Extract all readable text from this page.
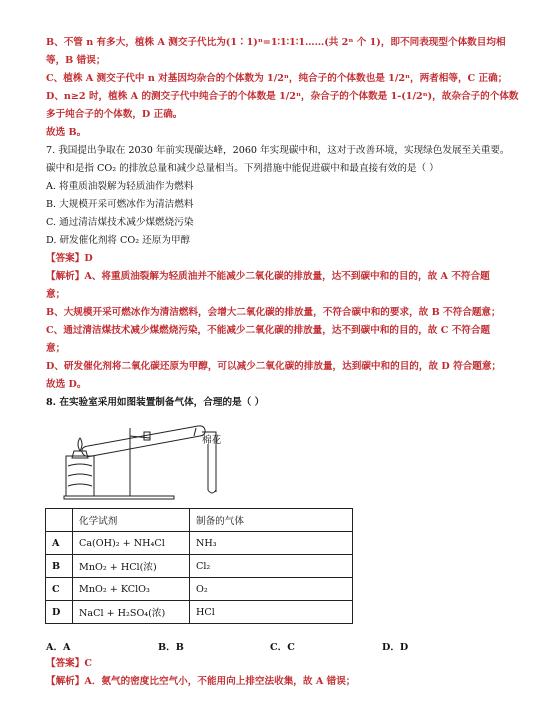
B、不管 n 有多大，植株 A 测交子代比为(1∶1)ⁿ=1∶1∶1∶1……(共 2ⁿ 个 1)，即不同表现型个体数目均相
等，B 错误；
C、植株 A 测交子代中 n 对基因均杂合的个体数为 1/2ⁿ，纯合子的个体数也是 1/2ⁿ，两者相等，C 正确；
D、n≥2 时，植株 A 的测交子代中纯合子的个体数是 1/2ⁿ，杂合子的个体数是 1-(1/2ⁿ)，故杂合子的个体数
多于纯合子的个体数，D 正确。
故选 B。
7. 我国提出争取在 2030 年前实现碳达峰，2060 年实现碳中和，这对于改善环境，实现绿色发展至关重要。
碳中和是指 CO₂ 的排放总量和减少总量相当。下列措施中能促进碳中和最直接有效的是（ ）
A. 将重质油裂解为轻质油作为燃料
B. 大规模开采可燃冰作为清洁燃料
C. 通过清洁煤技术减少煤燃烧污染
D. 研发催化剂将 CO₂ 还原为甲醇
【答案】D
【解析】A、将重质油裂解为轻质油并不能减少二氧化碳的排放量，达不到碳中和的目的，故 A 不符合题
意；
B、大规模开采可燃冰作为清洁燃料，会增大二氧化碳的排放量，不符合碳中和的要求，故 B 不符合题意；
C、通过清洁煤技术减少煤燃烧污染，不能减少二氧化碳的排放量，达不到碳中和的目的，故 C 不符合题
意；
D、研发催化剂将二氧化碳还原为甲醇，可以减少二氧化碳的排放量，达到碳中和的目的，故 D 符合题意；
故选 D。
8. 在实验室采用如图装置制备气体，合理的是（ ）
棉花
	化学试剂	制备的气体
A	Ca(OH)₂ + NH₄Cl	NH₃
B	MnO₂ + HCl(浓)	Cl₂
C	MnO₂ + KClO₃	O₂
D	NaCl + H₂SO₄(浓)	HCl
A．A	B．B	C．C	D．D
【答案】C
【解析】A．氨气的密度比空气小，不能用向上排空法收集，故 A 错误；
